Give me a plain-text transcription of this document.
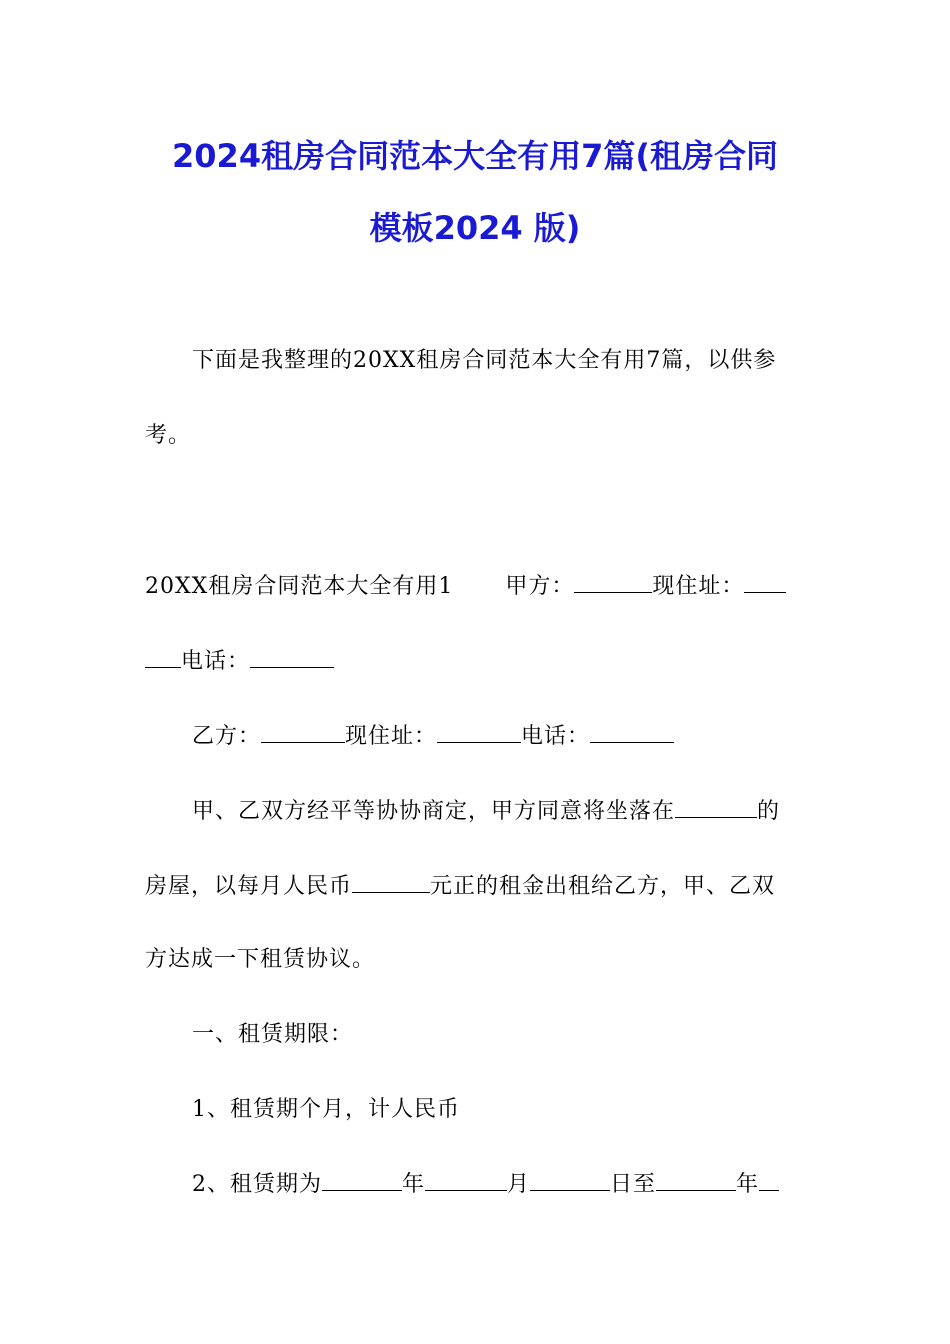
2024租房合同范本大全有用7篇(租房合同
模板2024 版)
下面是我整理的20XX租房合同范本大全有用7篇，以供参
考。
20XX租房合同范本大全有用1 甲方：	现住址：
电话：
乙方：	现住址：	电话：
甲、乙双方经平等协协商定，甲方同意将坐落在	的
房屋，以每月人民币	元正的租金出租给乙方，甲、乙双
方达成一下租赁协议。
一、租赁期限：
1、租赁期个月，计人民币
2、租赁期为	年	月	日至	年
